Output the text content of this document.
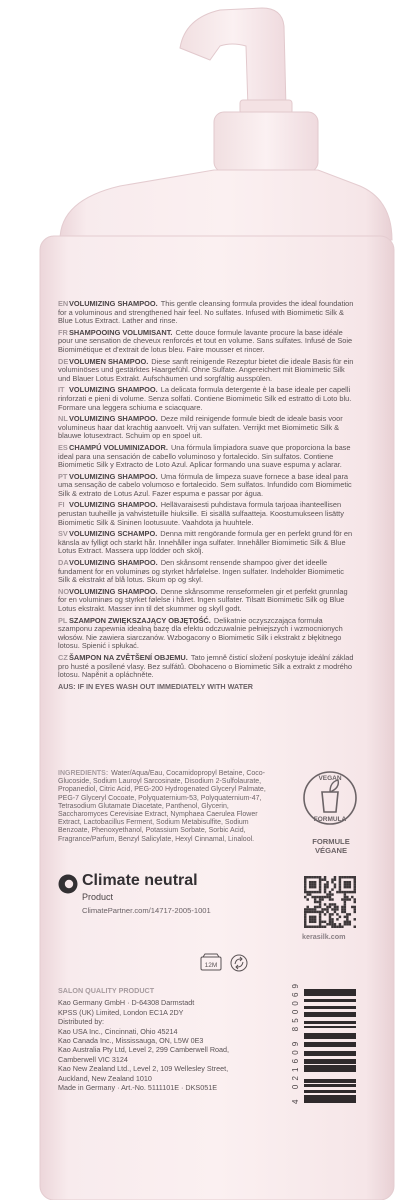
ENVOLUMIZING SHAMPOO. This gentle cleansing formula provides the ideal foundation for a voluminous and strengthened hair feel. No sulfates. Infused with Biomimetic Silk & Blue Lotus Extract. Lather and rinse.
FRSHAMPOOING VOLUMISANT. Cette douce formule lavante procure la base idéale pour une sensation de cheveux renforcés et tout en volume. Sans sulfates. Infusé de Soie Biomimétique et d'extrait de lotus bleu. Faire mousser et rincer.
DEVOLUMEN SHAMPOO. Diese sanft reinigende Rezeptur bietet die ideale Basis für ein voluminöses und gestärktes Haargefühl. Ohne Sulfate. Angereichert mit Biomimetic Silk und Blauer Lotus Extrakt. Aufschäumen und sorgfältig ausspülen.
IT VOLUMIZING SHAMPOO. La delicata formula detergente è la base ideale per capelli rinforzati e pieni di volume. Senza solfati. Contiene Biomimetic Silk ed estratto di Loto blu. Formare una leggera schiuma e sciacquare.
NLVOLUMIZING SHAMPOO. Deze mild reinigende formule biedt de ideale basis voor volumineus haar dat krachtig aanvoelt. Vrij van sulfaten. Verrijkt met Biomimetic Silk & blauwe lotusextract. Schuim op en spoel uit.
ESCHAMPÚ VOLUMINIZADOR. Una fórmula limpiadora suave que proporciona la base ideal para una sensación de cabello voluminoso y fortalecido. Sin sulfatos. Contiene Biomimetic Silk y Extracto de Loto Azul. Aplicar formando una suave espuma y aclarar.
PT VOLUMIZING SHAMPOO. Uma fórmula de limpeza suave fornece a base ideal para uma sensação de cabelo volumoso e fortalecido. Sem sulfatos. Infundido com Biomimetic Silk & extrato de Lotus Azul. Fazer espuma e passar por água.
FI VOLUMIZING SHAMPOO. Hellävaraisesti puhdistava formula tarjoaa ihanteellisen perustan tuuheille ja vahvistetuille hiuksille. Ei sisällä sulfaatteja. Koostumukseen lisätty Biomimetic Silk & Sininen lootusuute. Vaahdota ja huuhtele.
SVVOLUMIZING SCHAMPO. Denna mitt rengörande formula ger en perfekt grund för en känsla av fylligt och starkt hår. Innehåller inga sulfater. Innehåller Biomimetic Silk & Blue Lotus Extract. Massera upp lödder och skölj.
DAVOLUMIZING SHAMPOO. Den skånsomt rensende shampoo giver det ideelle fundament for en voluminøs og styrket hårfølelse. Ingen sulfater. Indeholder Biomimetic Silk & ekstrakt af blå lotus. Skum op og skyl.
NOVOLUMIZING SHAMPOO. Denne skånsomme renseformelen gir et perfekt grunnlag for en voluminøs og styrket følelse i håret. Ingen sulfater. Tilsatt Biomimetic Silk og Blue Lotus ekstrakt. Masser inn til det skummer og skyll godt.
PL SZAMPON ZWIĘKSZAJĄCY OBJĘTOŚĆ. Delikatnie oczyszczająca formuła szamponu zapewnia idealną bazę dla efektu odczuwalnie pełniejszych i wzmocnionych włosów. Nie zawiera siarczanów. Wzbogacony o Biomimetic Silk i ekstrakt z błękitnego lotosu. Spienić i spłukać.
CZŠAMPON NA ZVĚTŠENÍ OBJEMU. Tato jemně čisticí složení poskytuje ideální základ pro husté a posílené vlasy. Bez sulfátů. Obohaceno o Biomimetic Silk a extrakt z modrého lotosu. Napěnit a opláchněte.
AUS: IF IN EYES WASH OUT IMMEDIATELY WITH WATER
INGREDIENTS: Water/Aqua/Eau, Cocamidopropyl Betaine, Coco-Glucoside, Sodium Lauroyl Sarcosinate, Disodium 2-Sulfolaurate, Propanediol, Citric Acid, PEG-200 Hydrogenated Glyceryl Palmate, PEG-7 Glyceryl Cocoate, Polyquaternium-53, Polyquaternium-47, Tetrasodium Glutamate Diacetate, Panthenol, Glycerin, Saccharomyces Cerevisiae Extract, Nymphaea Caerulea Flower Extract, Lactobacillus Ferment, Sodium Metabisulfite, Sodium Benzoate, Phenoxyethanol, Potassium Sorbate, Sorbic Acid, Fragrance/Parfum, Benzyl Salicylate, Hexyl Cinnamal, Linalool.
VEGAN
FORMULA
FORMULE
VÉGANE
Climate neutral
Product
ClimatePartner.com/14717-2005-1001
kerasilk.com
12M
SALON QUALITY PRODUCT
Kao Germany GmbH · D-64308 Darmstadt
KPSS (UK) Limited, London EC1A 2DY
Distributed by:
Kao USA Inc., Cincinnati, Ohio 45214
Kao Canada Inc., Mississauga, ON, L5W 0E3
Kao Australia Pty Ltd, Level 2, 299 Camberwell Road,
Camberwell VIC 3124
Kao New Zealand Ltd., Level 2, 109 Wellesley Street,
Auckland, New Zealand 1010
Made in Germany · Art.-No. 5111101E · DKS051E
4 021609 850069
